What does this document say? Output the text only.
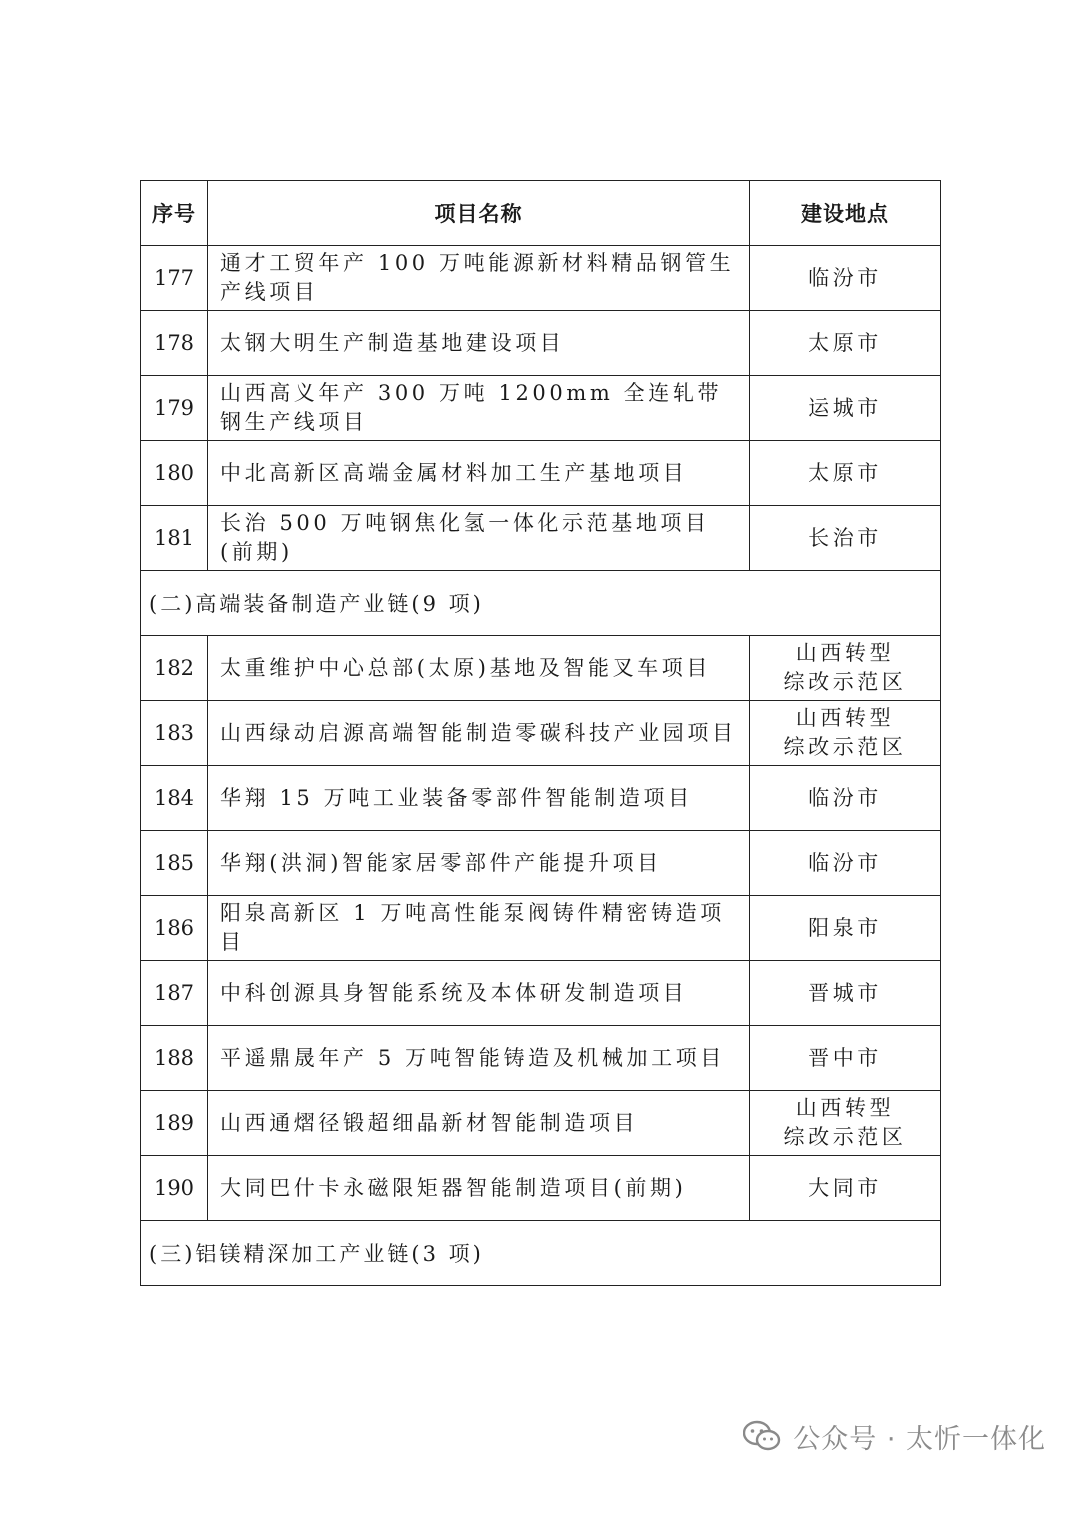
序号	项目名称	建设地点
177	通才工贸年产 100 万吨能源新材料精品钢管生产线项目	临汾市
178	太钢大明生产制造基地建设项目	太原市
179	山西高义年产 300 万吨 1200mm 全连轧带钢生产线项目	运城市
180	中北高新区高端金属材料加工生产基地项目	太原市
181	长治 500 万吨钢焦化氢一体化示范基地项目(前期)	长治市
(二)高端装备制造产业链(9 项)		
182	太重维护中心总部(太原)基地及智能叉车项目	山西转型
综改示范区

183	山西绿动启源高端智能制造零碳科技产业园项目	山西转型
综改示范区

184	华翔 15 万吨工业装备零部件智能制造项目	临汾市
185	华翔(洪洞)智能家居零部件产能提升项目	临汾市
186	阳泉高新区 1 万吨高性能泵阀铸件精密铸造项目	阳泉市
187	中科创源具身智能系统及本体研发制造项目	晋城市
188	平遥鼎晟年产 5 万吨智能铸造及机械加工项目	晋中市
189	山西通熠径锻超细晶新材智能制造项目	山西转型
综改示范区

190	大同巴什卡永磁限矩器智能制造项目(前期)	大同市
(三)铝镁精深加工产业链(3 项)		
公众号 · 太忻一体化
